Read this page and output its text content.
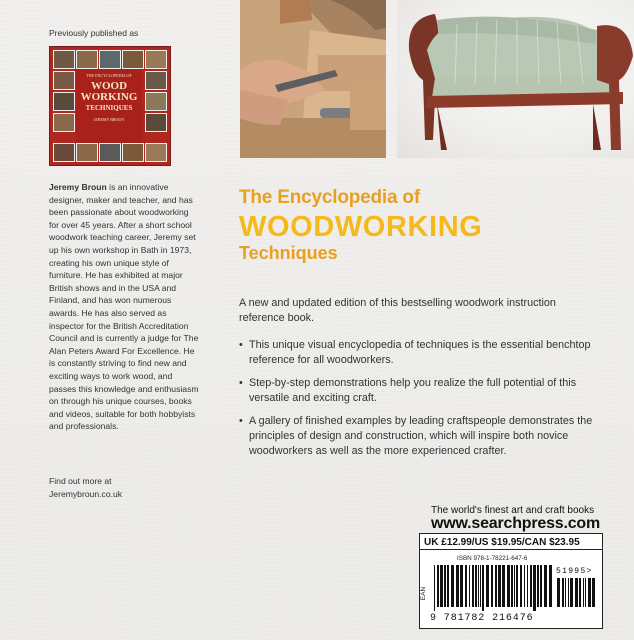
Previously published as
THE ENCYCLOPEDIA OF
WOOD
WORKING
TECHNIQUES
JEREMY BROUN
Jeremy Broun is an innovative designer, maker and teacher, and has been passionate about woodworking for over 45 years. After a short school woodwork teaching career, Jeremy set up his own workshop in Bath in 1973, creating his own unique style of furniture. He has exhibited at major British shows and in the USA and Finland, and has won numerous awards. He has also served as inspector for the British Accreditation Council and is currently a judge for The Alan Peters Award For Excellence. He is constantly striving to find new and exciting ways to work wood, and passes this knowledge and enthusiasm on through his unique courses, books and videos, suitable for both hobbyists and professionals.
Find out more at
Jeremybroun.co.uk
The Encyclopedia of
WOODWORKING
Techniques
A new and updated edition of this bestselling woodwork instruction reference book.
• This unique visual encyclopedia of techniques is the essential benchtop reference for all woodworkers.
• Step-by-step demonstrations help you realize the full potential of this versatile and exciting craft.
• A gallery of finished examples by leading craftspeople demonstrates the principles of design and construction, which will inspire both novice woodworkers as well as the more experienced crafter.
The world's finest art and craft books
www.searchpress.com
UK £12.99/US $19.95/CAN $23.95
ISBN 978-1-78221-647-6
EAN
51995>
9 781782 216476
